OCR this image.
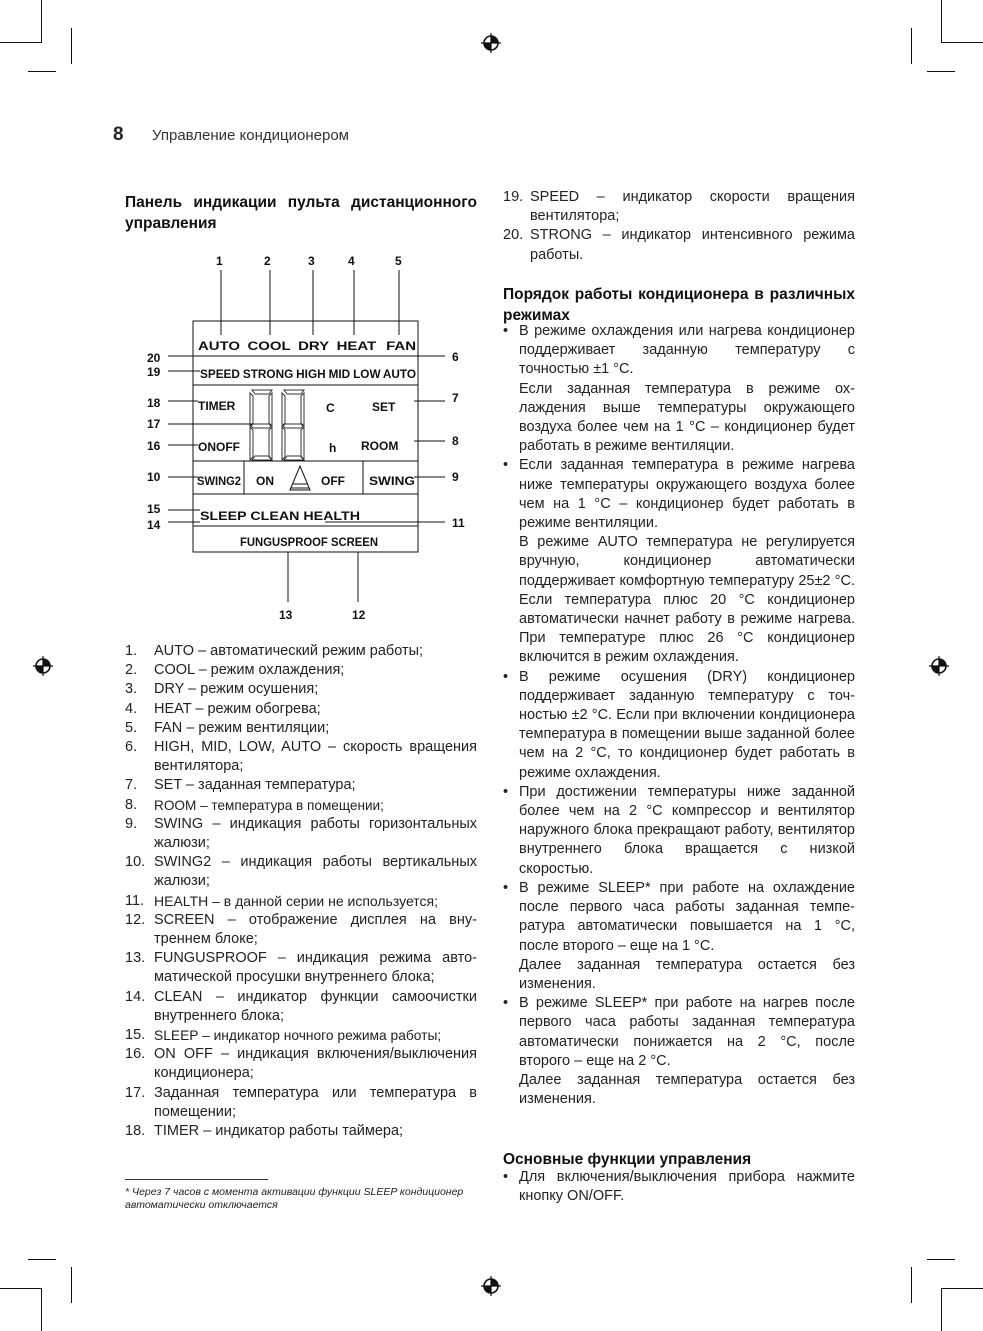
8 Управление кондиционером
Панель индикации пульта дистанционного управления
AUTO COOL DRY HEAT FAN
SPEED STRONG HIGH MID LOW AUTO
TIMER	C	SET
ONOFF	h ROOM
SWING2 ON	OFF SWING
SLEEP CLEAN HEALTH
FUNGUSPROOF SCREEN
1	2	3	4	5
6
7
8
9
10
11
12
13
14
15
16
17
18
19
20
1. AUTO – автоматический режим работы;
2. COOL – режим охлаждения;
3. DRY – режим осушения;
4. HEAT – режим обогрева;
5. FAN – режим вентиляции;
6. HIGH, MID, LOW, AUTO – скорость вращения вентилятора;
7. SET – заданная температура;
8. ROOM – температура в помещении;
9. SWING – индикация работы горизонтальных жалюзи;
10. SWING2 – индикация работы вертикальных жалюзи;
11. HEALTH – в данной серии не используется;
12. SCREEN – отображение дисплея на внутреннем блоке;
13. FUNGUSPROOF – индикация режима автоматической просушки внутреннего блока;
14. CLEAN – индикатор функции самоочистки внутреннего блока;
15. SLEEP – индикатор ночного режима работы;
16. ON OFF – индикация включения/выключения кондиционера;
17. Заданная температура или температура в помещении;
18. TIMER – индикатор работы таймера;
* Через 7 часов с момента активации функции SLEEP кондиционер автоматически отключается
19. SPEED – индикатор скорости вращения вентилятора;
20. STRONG – индикатор интенсивного режима работы.
Порядок работы кондиционера в различных режимах
• В режиме охлаждения или нагрева кондиционер поддерживает заданную температуру с точностью ±1 °С.
Если заданная температура в режиме охлаждения выше температуры окружающего воздуха более чем на 1 °С – кондиционер будет работать в режиме вентиляции.
• Если заданная температура в режиме нагрева ниже температуры окружающего воздуха более чем на 1 °С – кондиционер будет работать в режиме вентиляции.
В режиме AUTO температура не регулируется вручную, кондиционер автоматически поддерживает комфортную температуру 25±2 °С. Если температура плюс 20 °С кондиционер автоматически начнет работу в режиме нагрева. При температуре плюс 26 °С кондиционер включится в режим охлаждения.
• В режиме осушения (DRY) кондиционер поддерживает заданную температуру с точностью ±2 °С. Если при включении кондиционера температура в помещении выше заданной более чем на 2 °С, то кондиционер будет работать в режиме охлаждения.
• При достижении температуры ниже заданной более чем на 2 °С компрессор и вентилятор наружного блока прекращают работу, вентилятор внутреннего блока вращается с низкой скоростью.
• В режиме SLEEP* при работе на охлаждение после первого часа работы заданная температура автоматически повышается на 1 °С, после второго – еще на 1 °С.
Далее заданная температура остается без изменения.
• В режиме SLEEP* при работе на нагрев после первого часа работы заданная температура автоматически понижается на 2 °С, после второго – еще на 2 °С.
Далее заданная температура остается без изменения.
Основные функции управления
• Для включения/выключения прибора нажмите кнопку ON/OFF.
